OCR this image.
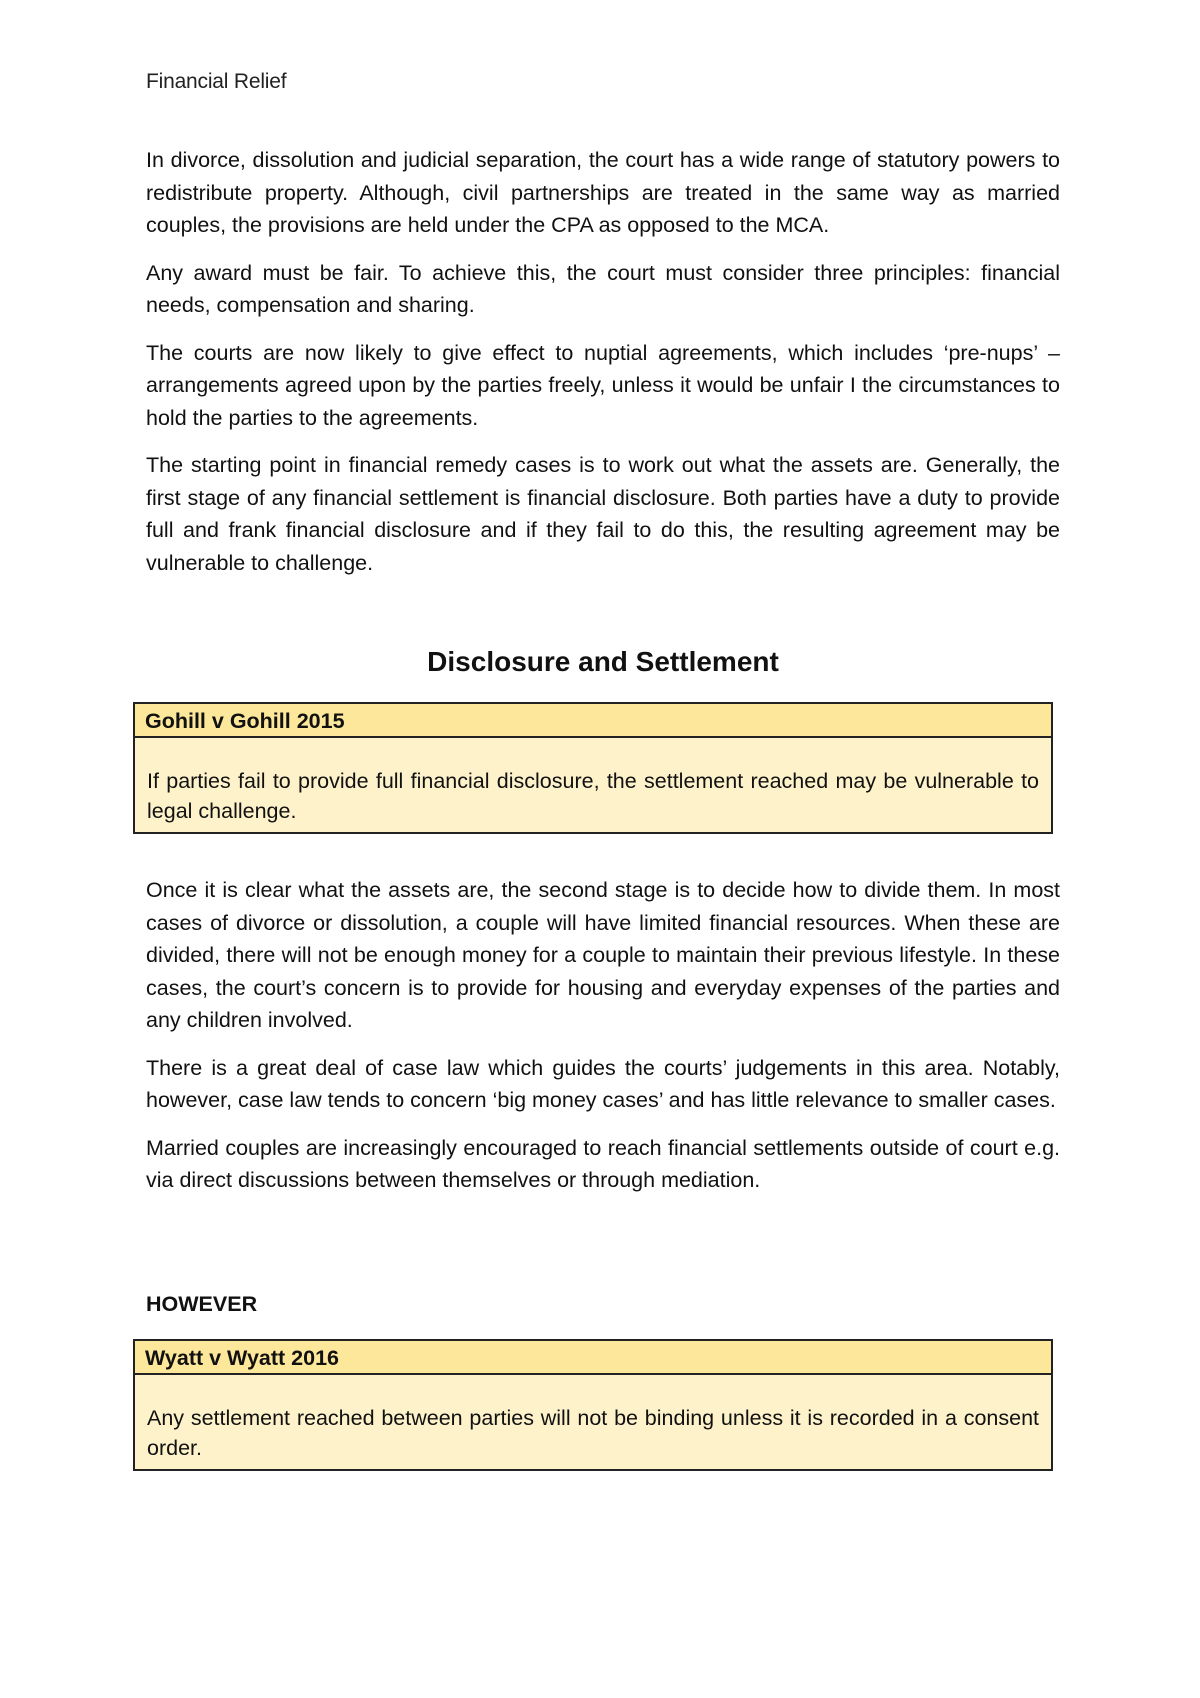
Financial Relief

In divorce, dissolution and judicial separation, the court has a wide range of statutory powers to redistribute property. Although, civil partnerships are treated in the same way as married couples, the provisions are held under the CPA as opposed to the MCA.

Any award must be fair. To achieve this, the court must consider three principles: financial needs, compensation and sharing.

The courts are now likely to give effect to nuptial agreements, which includes ‘pre-nups’ – arrangements agreed upon by the parties freely, unless it would be unfair I the circumstances to hold the parties to the agreements.

The starting point in financial remedy cases is to work out what the assets are. Generally, the first stage of any financial settlement is financial disclosure. Both parties have a duty to provide full and frank financial disclosure and if they fail to do this, the resulting agreement may be vulnerable to challenge.

Disclosure and Settlement
Gohill v Gohill 2015
If parties fail to provide full financial disclosure, the settlement reached may be vulnerable to legal challenge.

Once it is clear what the assets are, the second stage is to decide how to divide them. In most cases of divorce or dissolution, a couple will have limited financial resources. When these are divided, there will not be enough money for a couple to maintain their previous lifestyle. In these cases, the court’s concern is to provide for housing and everyday expenses of the parties and any children involved.

There is a great deal of case law which guides the courts’ judgements in this area. Notably, however, case law tends to concern ‘big money cases’ and has little relevance to smaller cases.

Married couples are increasingly encouraged to reach financial settlements outside of court e.g. via direct discussions between themselves or through mediation.

HOWEVER
Wyatt v Wyatt 2016
Any settlement reached between parties will not be binding unless it is recorded in a consent order.
